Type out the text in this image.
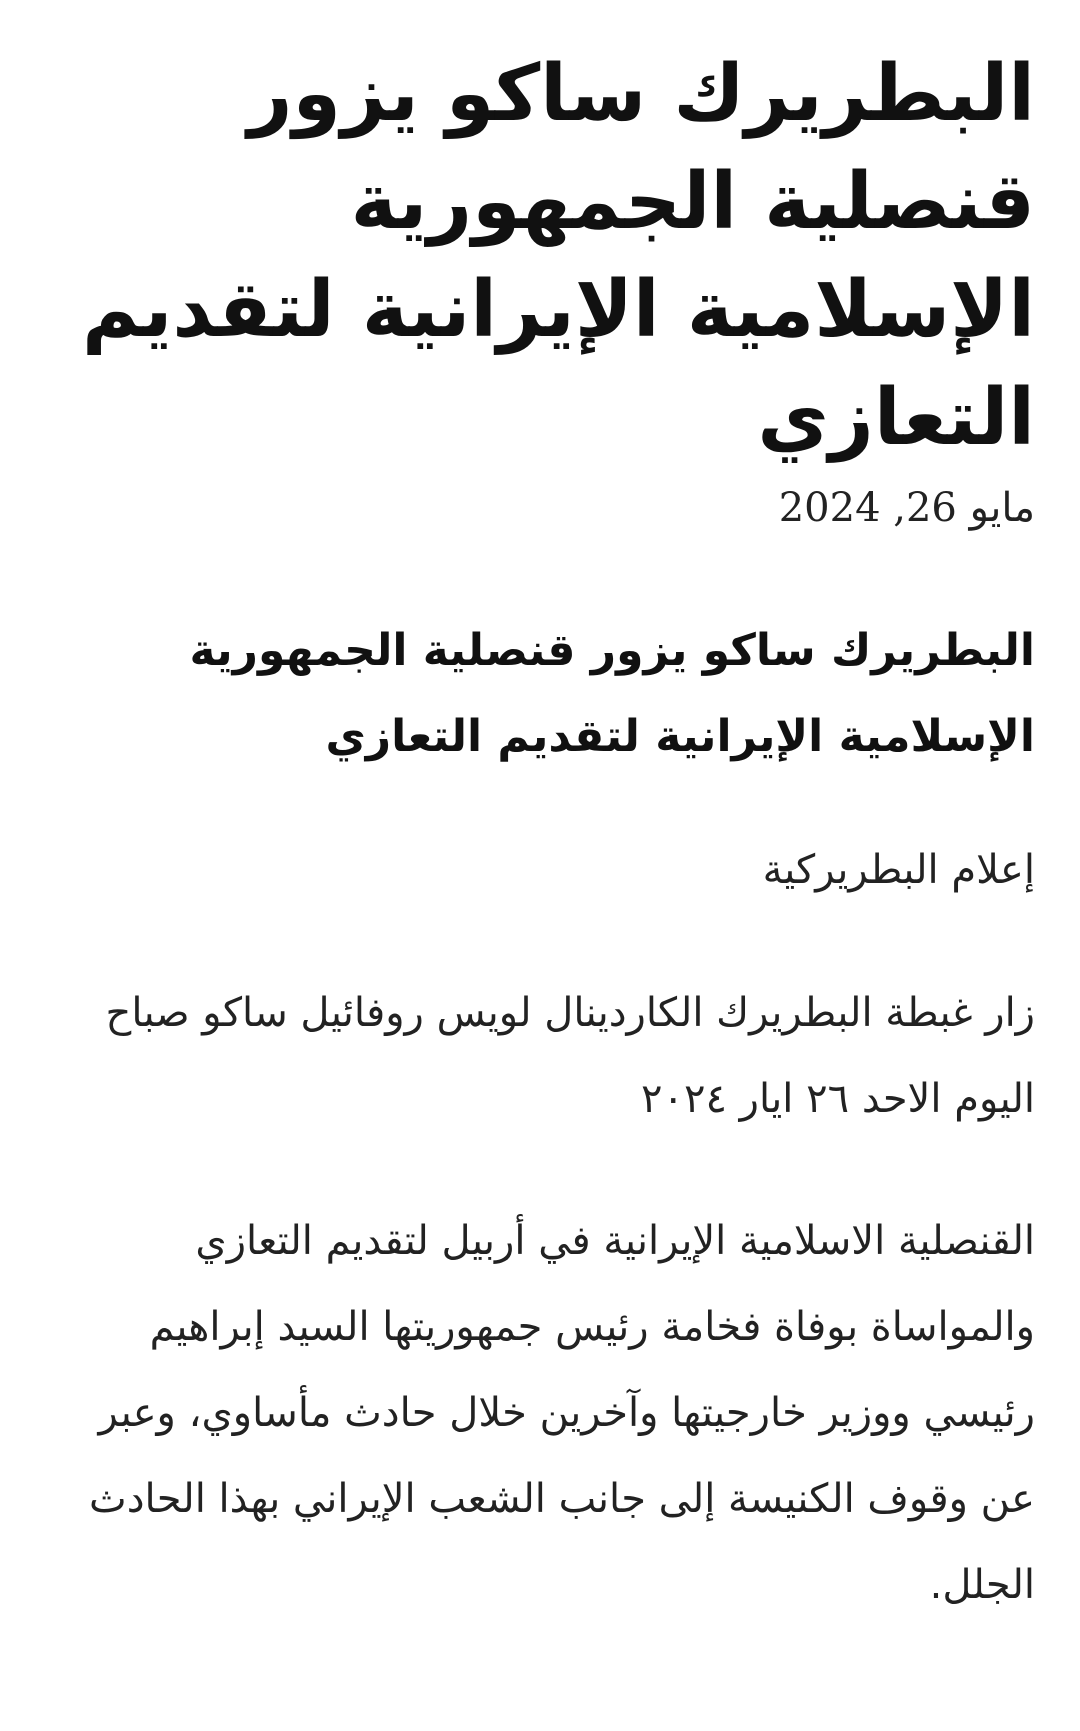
البطريرك ساكو يزور قنصلية الجمهورية الإسلامية الإيرانية لتقديم التعازي
مايو 26, 2024
البطريرك ساكو يزور قنصلية الجمهورية الإسلامية الإيرانية لتقديم التعازي
إعلام البطريركية

زار غبطة البطريرك الكاردينال لويس روفائيل ساكو صباح اليوم الاحد ٢٦ ايار ٢٠٢٤

القنصلية الاسلامية الإيرانية في أربيل لتقديم التعازي والمواساة بوفاة فخامة رئيس جمهوريتها السيد إبراهيم رئيسي ووزير خارجيتها وآخرين خلال حادث مأساوي، وعبر عن وقوف الكنيسة إلى جانب الشعب الإيراني بهذا الحادث الجلل.
